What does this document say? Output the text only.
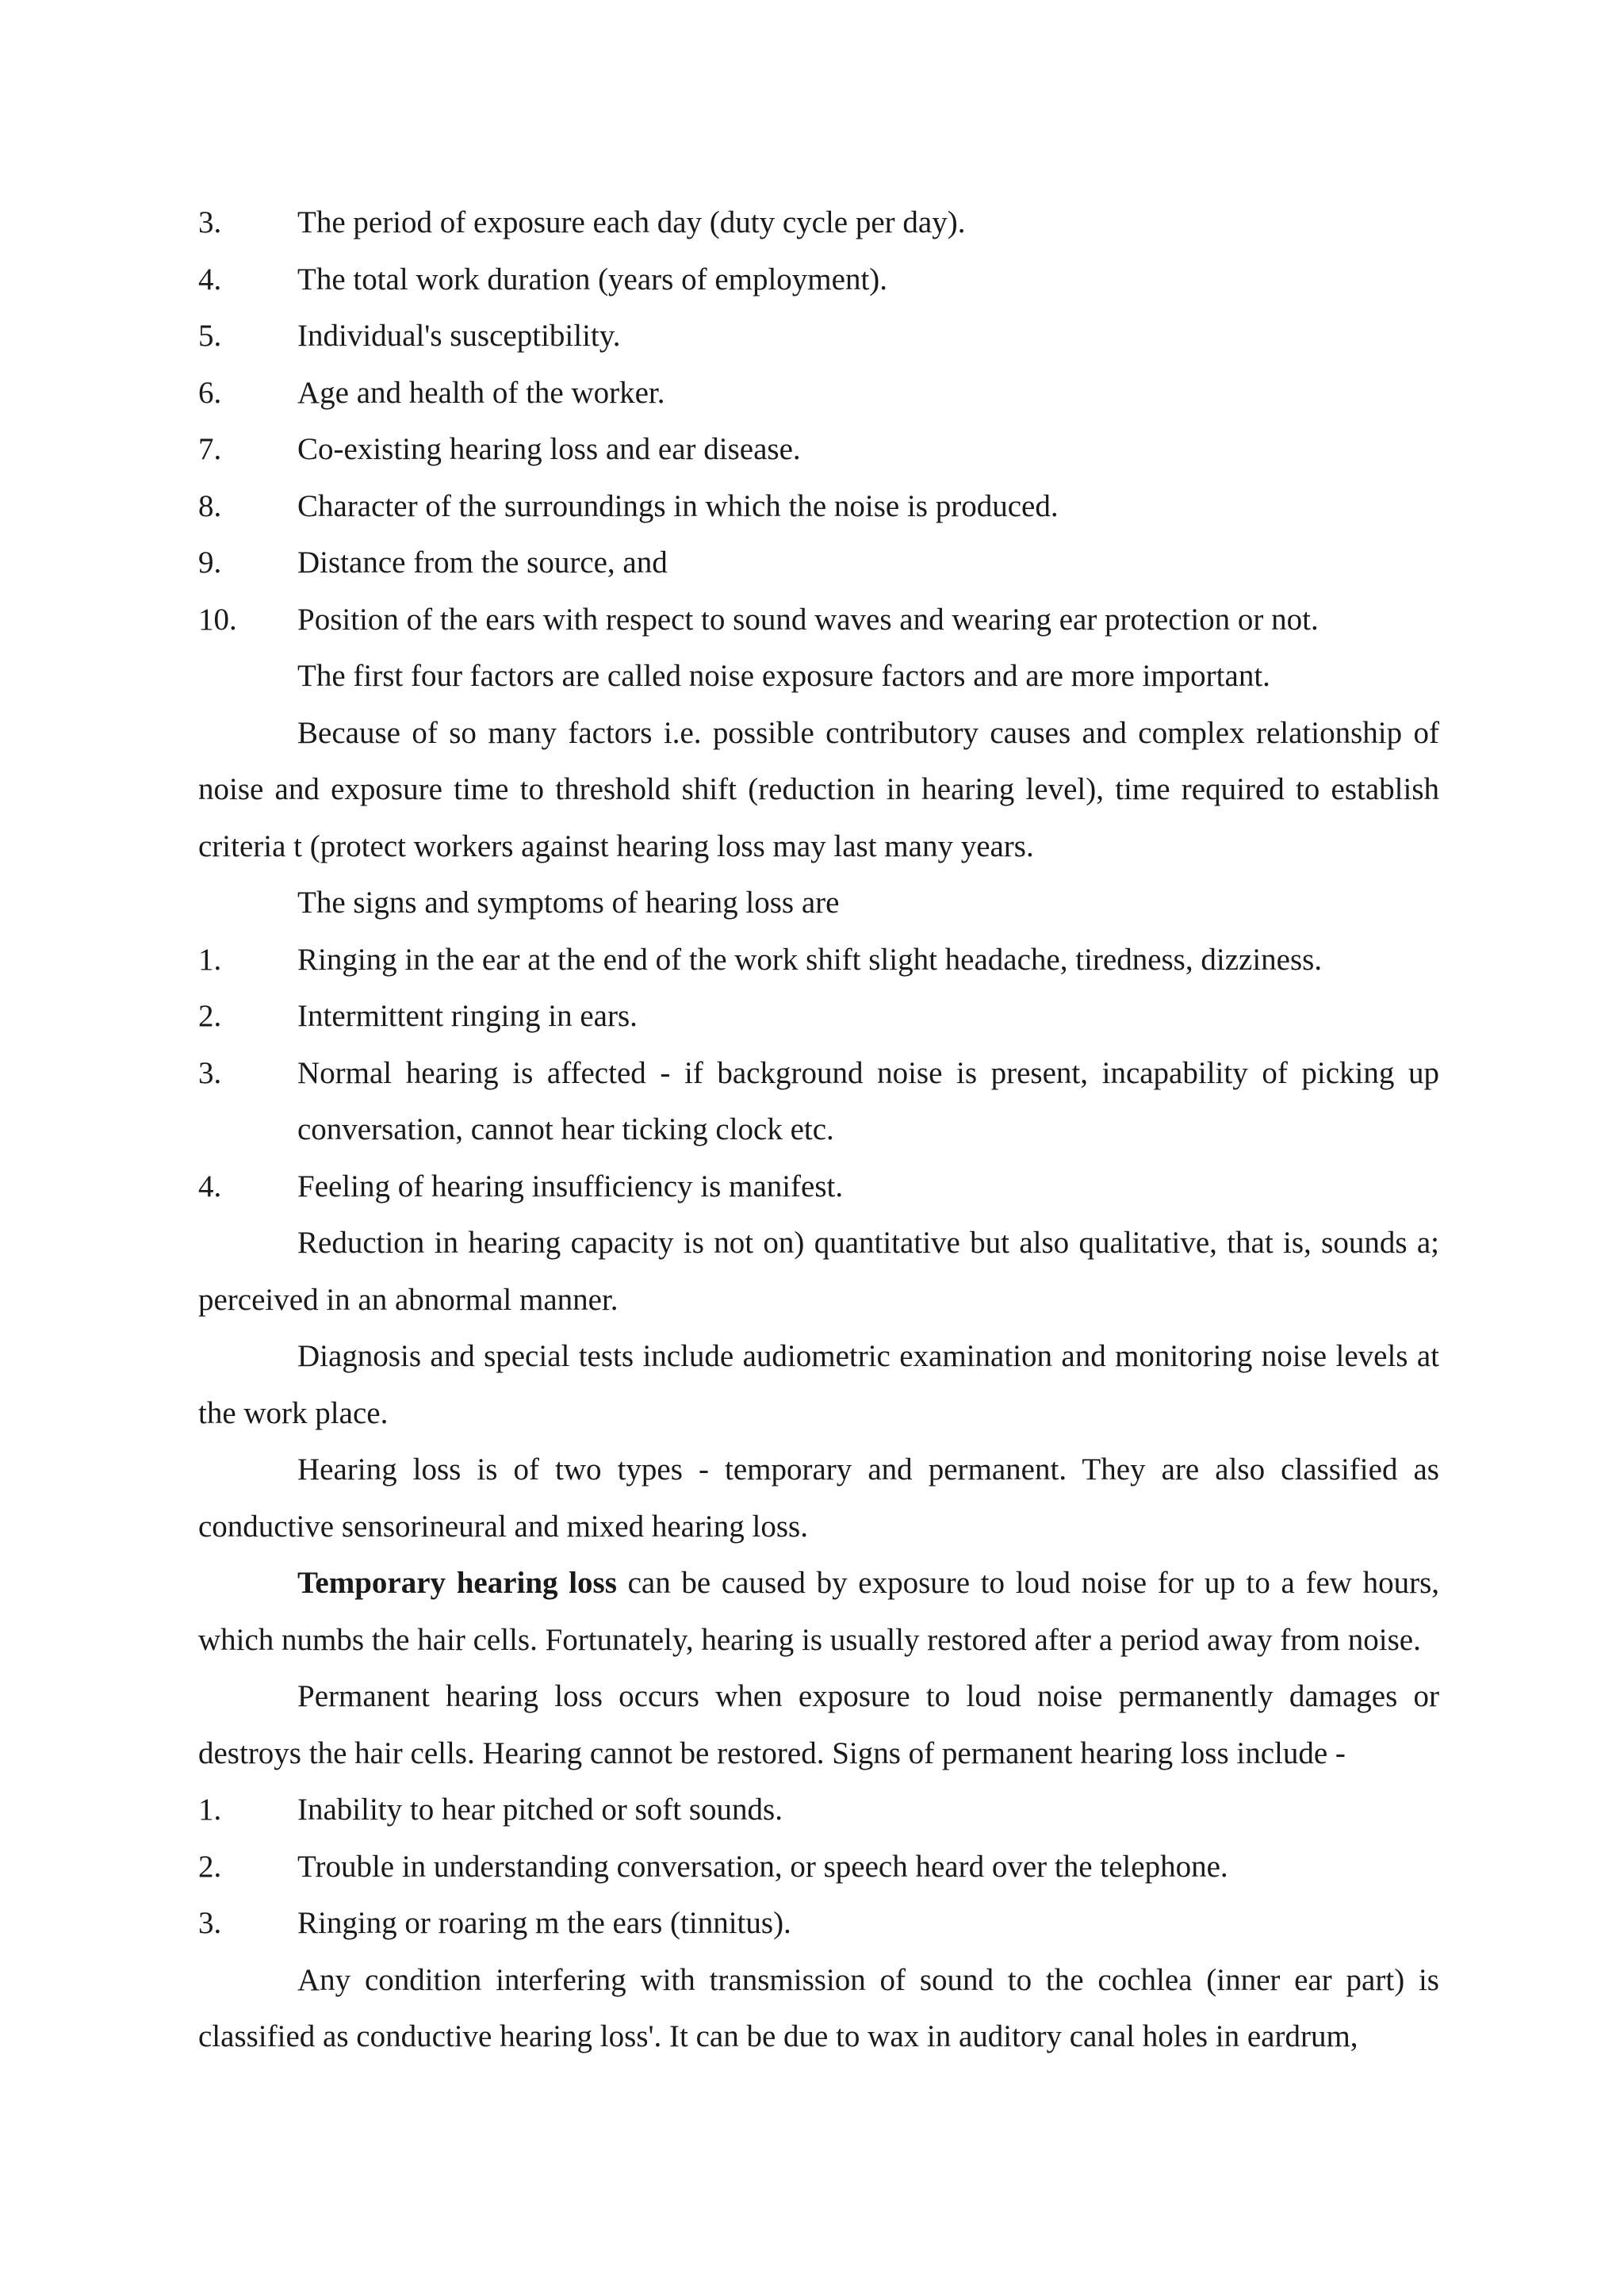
3.	The period of exposure each day (duty cycle per day).
4.	The total work duration (years of employment).
5.	Individual's susceptibility.
6.	Age and health of the worker.
7.	Co-existing hearing loss and ear disease.
8.	Character of the surroundings in which the noise is produced.
9.	Distance from the source, and
10.	Position of the ears with respect to sound waves and wearing ear protection or not.

The first four factors are called noise exposure factors and are more important.

Because of so many factors i.e. possible contributory causes and complex relationship of noise and exposure time to threshold shift (reduction in hearing level), time required to establish criteria t (protect workers against hearing loss may last many years.

The signs and symptoms of hearing loss are

1.	Ringing in the ear at the end of the work shift slight headache, tiredness, dizziness.
2.	Intermittent ringing in ears.
3.	Normal hearing is affected - if background noise is present, incapability of picking up conversation, cannot hear ticking clock etc.
4.	Feeling of hearing insufficiency is manifest.

Reduction in hearing capacity is not on) quantitative but also qualitative, that is, sounds a; perceived in an abnormal manner.

Diagnosis and special tests include audiometric examination and monitoring noise levels at the work place.

Hearing loss is of two types - temporary and permanent. They are also classified as conductive sensorineural and mixed hearing loss.

Temporary hearing loss can be caused by exposure to loud noise for up to a few hours, which numbs the hair cells. Fortunately, hearing is usually restored after a period away from noise.

Permanent hearing loss occurs when exposure to loud noise permanently damages or destroys the hair cells. Hearing cannot be restored. Signs of permanent hearing loss include -

1.	Inability to hear pitched or soft sounds.
2.	Trouble in understanding conversation, or speech heard over the telephone.
3.	Ringing or roaring m the ears (tinnitus).

Any condition interfering with transmission of sound to the cochlea (inner ear part) is classified as conductive hearing loss'. It can be due to wax in auditory canal holes in eardrum,
